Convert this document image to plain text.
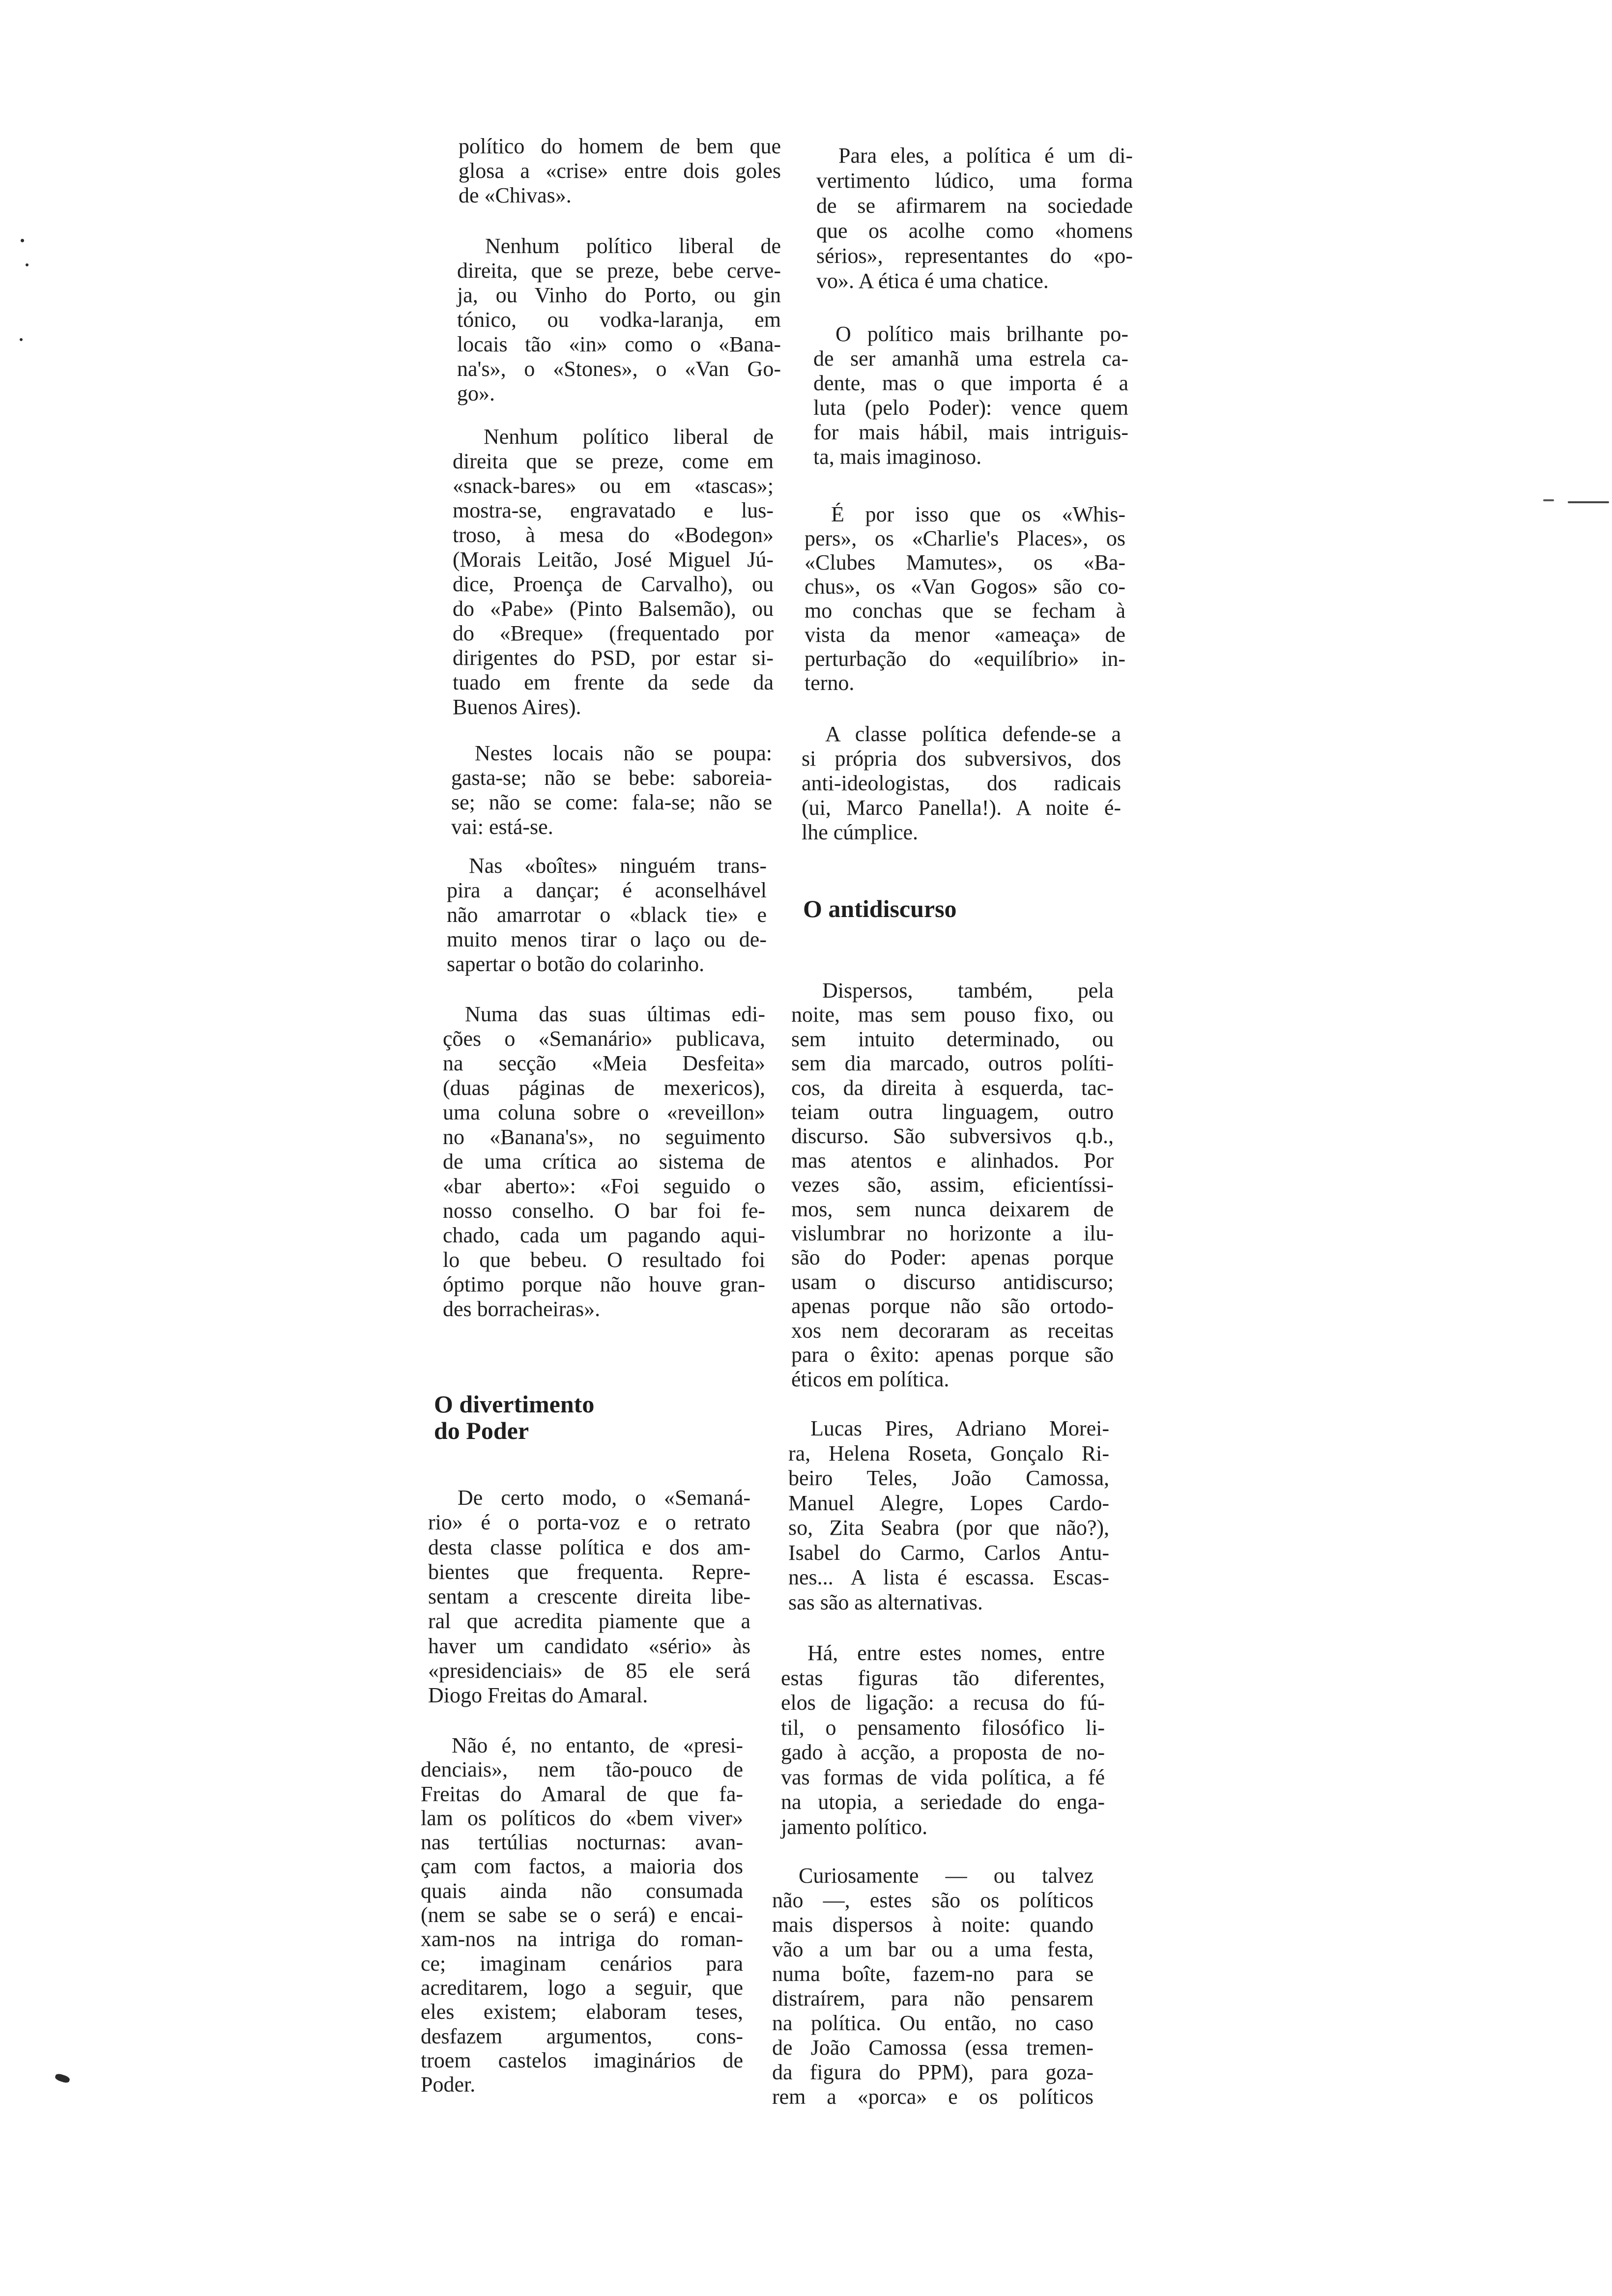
político do homem de bem que
glosa a «crise» entre dois goles
de «Chivas».
Nenhum político liberal de
direita, que se preze, bebe cerve-
ja, ou Vinho do Porto, ou gin
tónico, ou vodka-laranja, em
locais tão «in» como o «Bana-
na's», o «Stones», o «Van Go-
go».
Nenhum político liberal de
direita que se preze, come em
«snack-bares» ou em «tascas»;
mostra-se, engravatado e lus-
troso, à mesa do «Bodegon»
(Morais Leitão, José Miguel Jú-
dice, Proença de Carvalho), ou
do «Pabe» (Pinto Balsemão), ou
do «Breque» (frequentado por
dirigentes do PSD, por estar si-
tuado em frente da sede da
Buenos Aires).
Nestes locais não se poupa:
gasta-se; não se bebe: saboreia-
se; não se come: fala-se; não se
vai: está-se.
Nas «boîtes» ninguém trans-
pira a dançar; é aconselhável
não amarrotar o «black tie» e
muito menos tirar o laço ou de-
sapertar o botão do colarinho.
Numa das suas últimas edi-
ções o «Semanário» publicava,
na secção «Meia Desfeita»
(duas páginas de mexericos),
uma coluna sobre o «reveillon»
no «Banana's», no seguimento
de uma crítica ao sistema de
«bar aberto»: «Foi seguido o
nosso conselho. O bar foi fe-
chado, cada um pagando aqui-
lo que bebeu. O resultado foi
óptimo porque não houve gran-
des borracheiras».
O divertimento
do Poder
De certo modo, o «Semaná-
rio» é o porta-voz e o retrato
desta classe política e dos am-
bientes que frequenta. Repre-
sentam a crescente direita libe-
ral que acredita piamente que a
haver um candidato «sério» às
«presidenciais» de 85 ele será
Diogo Freitas do Amaral.
Não é, no entanto, de «presi-
denciais», nem tão-pouco de
Freitas do Amaral de que fa-
lam os políticos do «bem viver»
nas tertúlias nocturnas: avan-
çam com factos, a maioria dos
quais ainda não consumada
(nem se sabe se o será) e encai-
xam-nos na intriga do roman-
ce; imaginam cenários para
acreditarem, logo a seguir, que
eles existem; elaboram teses,
desfazem argumentos, cons-
troem castelos imaginários de
Poder.
Para eles, a política é um di-
vertimento lúdico, uma forma
de se afirmarem na sociedade
que os acolhe como «homens
sérios», representantes do «po-
vo». A ética é uma chatice.
O político mais brilhante po-
de ser amanhã uma estrela ca-
dente, mas o que importa é a
luta (pelo Poder): vence quem
for mais hábil, mais intriguis-
ta, mais imaginoso.
É por isso que os «Whis-
pers», os «Charlie's Places», os
«Clubes Mamutes», os «Ba-
chus», os «Van Gogos» são co-
mo conchas que se fecham à
vista da menor «ameaça» de
perturbação do «equilíbrio» in-
terno.
A classe política defende-se a
si própria dos subversivos, dos
anti-ideologistas, dos radicais
(ui, Marco Panella!). A noite é-
lhe cúmplice.
O antidiscurso
Dispersos, também, pela
noite, mas sem pouso fixo, ou
sem intuito determinado, ou
sem dia marcado, outros políti-
cos, da direita à esquerda, tac-
teiam outra linguagem, outro
discurso. São subversivos q.b.,
mas atentos e alinhados. Por
vezes são, assim, eficientíssi-
mos, sem nunca deixarem de
vislumbrar no horizonte a ilu-
são do Poder: apenas porque
usam o discurso antidiscurso;
apenas porque não são ortodo-
xos nem decoraram as receitas
para o êxito: apenas porque são
éticos em política.
Lucas Pires, Adriano Morei-
ra, Helena Roseta, Gonçalo Ri-
beiro Teles, João Camossa,
Manuel Alegre, Lopes Cardo-
so, Zita Seabra (por que não?),
Isabel do Carmo, Carlos Antu-
nes... A lista é escassa. Escas-
sas são as alternativas.
Há, entre estes nomes, entre
estas figuras tão diferentes,
elos de ligação: a recusa do fú-
til, o pensamento filosófico li-
gado à acção, a proposta de no-
vas formas de vida política, a fé
na utopia, a seriedade do enga-
jamento político.
Curiosamente — ou talvez
não —, estes são os políticos
mais dispersos à noite: quando
vão a um bar ou a uma festa,
numa boîte, fazem-no para se
distraírem, para não pensarem
na política. Ou então, no caso
de João Camossa (essa tremen-
da figura do PPM), para goza-
rem a «porca» e os políticos
